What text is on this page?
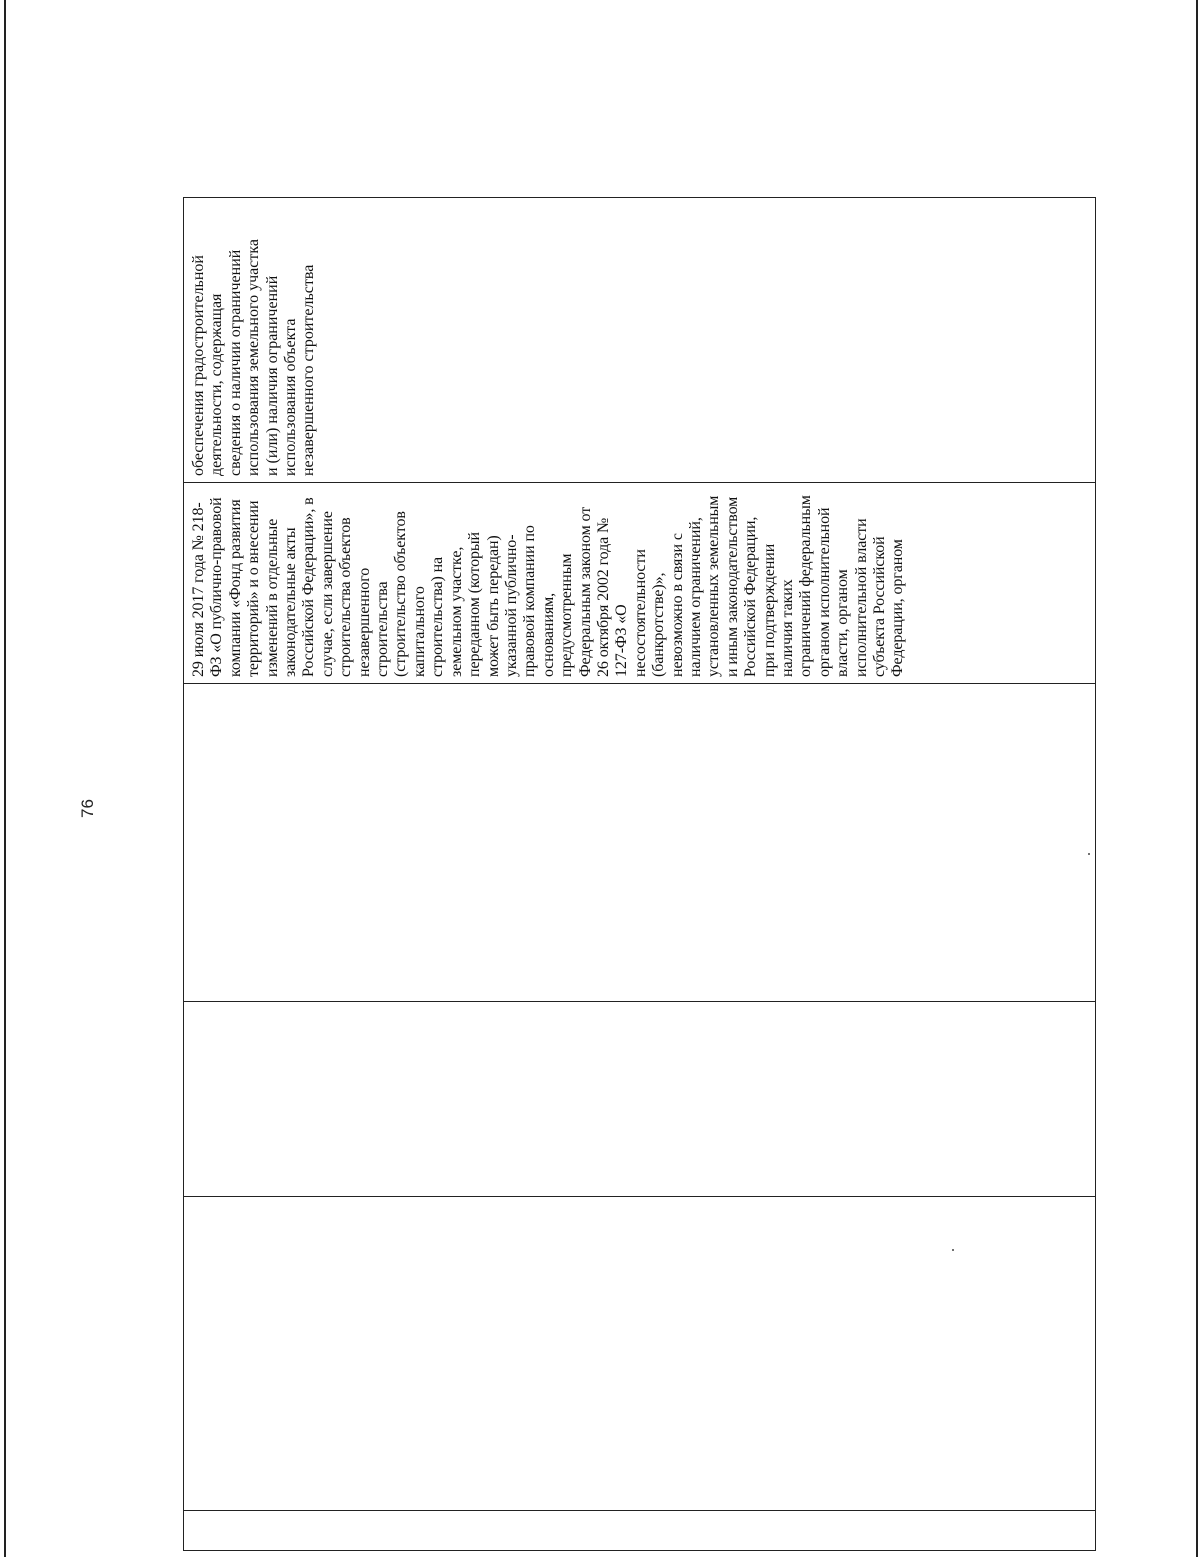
76

29 июля 2017 года № 218- ФЗ «О публично-правовой компании «Фонд развития территорий» и о внесении изменений в отдельные законодательные акты Российской Федерации», в случае, если завершение строительства объектов незавершенного строительства (строительство объектов капитального строительства) на земельном участке, переданном (который может быть передан) указанной публично- правовой компании по основаниям, предусмотренным Федеральным законом от 26 октября 2002 года № 127-ФЗ «О несостоятельности (банкротстве)», невозможно в связи с наличием ограничений, установленных земельным и иным законодательством Российской Федерации, при подтверждении наличия таких ограничений федеральным органом исполнительной власти, органом исполнительной власти субъекта Российской Федерации, органом

обеспечения градостроительной деятельности, содержащая сведения о наличии ограничений использования земельного участка и (или) наличия ограничений использования объекта незавершенного строительства
